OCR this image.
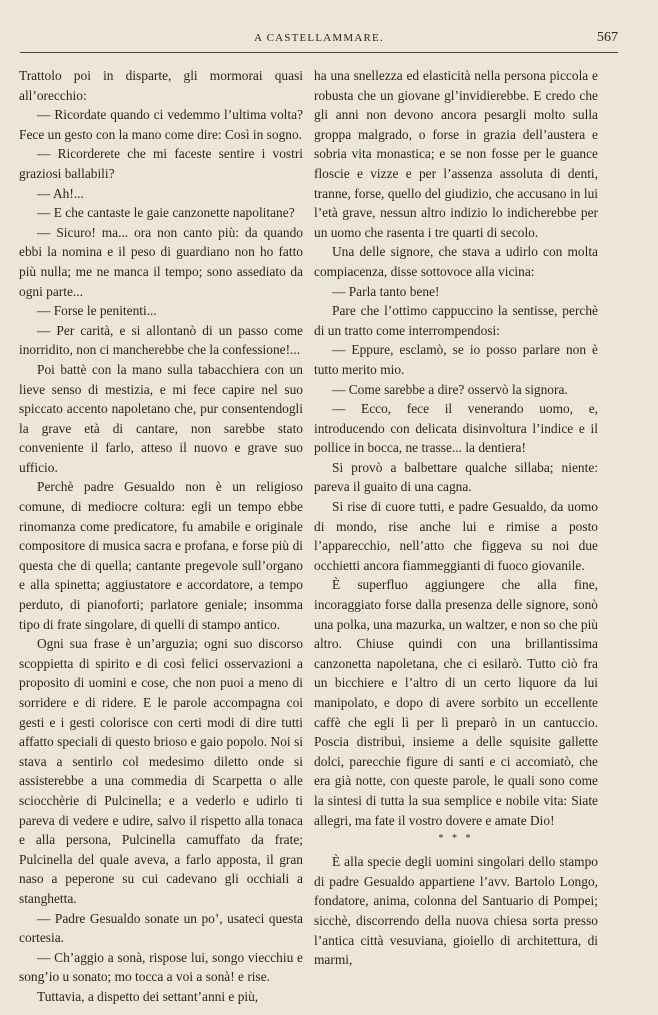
A CASTELLAMMARE.	567

Trattolo poi in disparte, gli mormorai quasi all’orecchio:

— Ricordate quando ci vedemmo l’ultima volta? Fece un gesto con la mano come dire: Così in sogno.

— Ricorderete che mi faceste sentire i vostri graziosi ballabili?

— Ah!...

— E che cantaste le gaie canzonette napolitane?

— Sicuro! ma... ora non canto più: da quando ebbi la nomina e il peso di guardiano non ho fatto più nulla; me ne manca il tempo; sono assediato da ogni parte...

— Forse le penitenti...

— Per carità, e si allontanò di un passo come inorridito, non ci mancherebbe che la confessione!...

Poi battè con la mano sulla tabacchiera con un lieve senso di mestizia, e mi fece capire nel suo spiccato accento napoletano che, pur consentendogli la grave età di cantare, non sarebbe stato conveniente il farlo, atteso il nuovo e grave suo ufficio.

Perchè padre Gesualdo non è un religioso comune, di mediocre coltura: egli un tempo ebbe rinomanza come predicatore, fu amabile e originale compositore di musica sacra e profana, e forse più di questa che di quella; cantante pregevole sull’organo e alla spinetta; aggiustatore e accordatore, a tempo perduto, di pianoforti; parlatore geniale; insomma tipo di frate singolare, di quelli di stampo antico.

Ogni sua frase è un’arguzia; ogni suo discorso scoppietta di spirito e di così felici osservazioni a proposito di uomini e cose, che non puoi a meno di sorridere e di ridere. E le parole accompagna coi gesti e i gesti colorisce con certi modi di dire tutti affatto speciali di questo brioso e gaio popolo. Noi si stava a sentirlo col medesimo diletto onde si assisterebbe a una commedia di Scarpetta o alle sciocchèrie di Pulcinella; e a vederlo e udirlo ti pareva di vedere e udire, salvo il rispetto alla tonaca e alla persona, Pulcinella camuffato da frate; Pulcinella del quale aveva, a farlo apposta, il gran naso a peperone su cui cadevano gli occhiali a stanghetta.

— Padre Gesualdo sonate un po’, usateci questa cortesia.

— Ch’aggio a sonà, rispose lui, songo viecchiu e song’io u sonato; mo tocca a voi a sonà! e rise.

Tuttavia, a dispetto dei settant’anni e più,

ha una snellezza ed elasticità nella persona piccola e robusta che un giovane gl’invidierebbe. E credo che gli anni non devono ancora pesargli molto sulla groppa malgrado, o forse in grazia dell’austera e sobria vita monastica; e se non fosse per le guance floscie e vizze e per l’assenza assoluta di denti, tranne, forse, quello del giudizio, che accusano in lui l’età grave, nessun altro indizio lo indicherebbe per un uomo che rasenta i tre quarti di secolo.

Una delle signore, che stava a udirlo con molta compiacenza, disse sottovoce alla vicina:

— Parla tanto bene!

Pare che l’ottimo cappuccino la sentisse, perchè di un tratto come interrompendosi:

— Eppure, esclamò, se io posso parlare non è tutto merito mio.

— Come sarebbe a dire? osservò la signora.

— Ecco, fece il venerando uomo, e, introducendo con delicata disinvoltura l’indice e il pollice in bocca, ne trasse... la dentiera!

Si provò a balbettare qualche sillaba; niente: pareva il guaito di una cagna.

Si rise di cuore tutti, e padre Gesualdo, da uomo di mondo, rise anche lui e rimise a posto l’apparecchio, nell’atto che figgeva su noi due occhietti ancora fiammeggianti di fuoco giovanile.

È superfluo aggiungere che alla fine, incoraggiato forse dalla presenza delle signore, sonò una polka, una mazurka, un waltzer, e non so che più altro. Chiuse quindi con una brillantissima canzonetta napoletana, che ci esilarò. Tutto ciò fra un bicchiere e l’altro di un certo liquore da lui manipolato, e dopo di avere sorbito un eccellente caffè che egli lì per lì preparò in un cantuccio. Poscia distribuì, insieme a delle squisite gallette dolci, parecchie figure di santi e ci accomiatò, che era già notte, con queste parole, le quali sono come la sintesi di tutta la sua semplice e nobile vita: Siate allegri, ma fate il vostro dovere e amate Dio!

* * *

È alla specie degli uomini singolari dello stampo di padre Gesualdo appartiene l’avv. Bartolo Longo, fondatore, anima, colonna del Santuario di Pompei; sicchè, discorrendo della nuova chiesa sorta presso l’antica città vesuviana, gioiello di architettura, di marmi,
